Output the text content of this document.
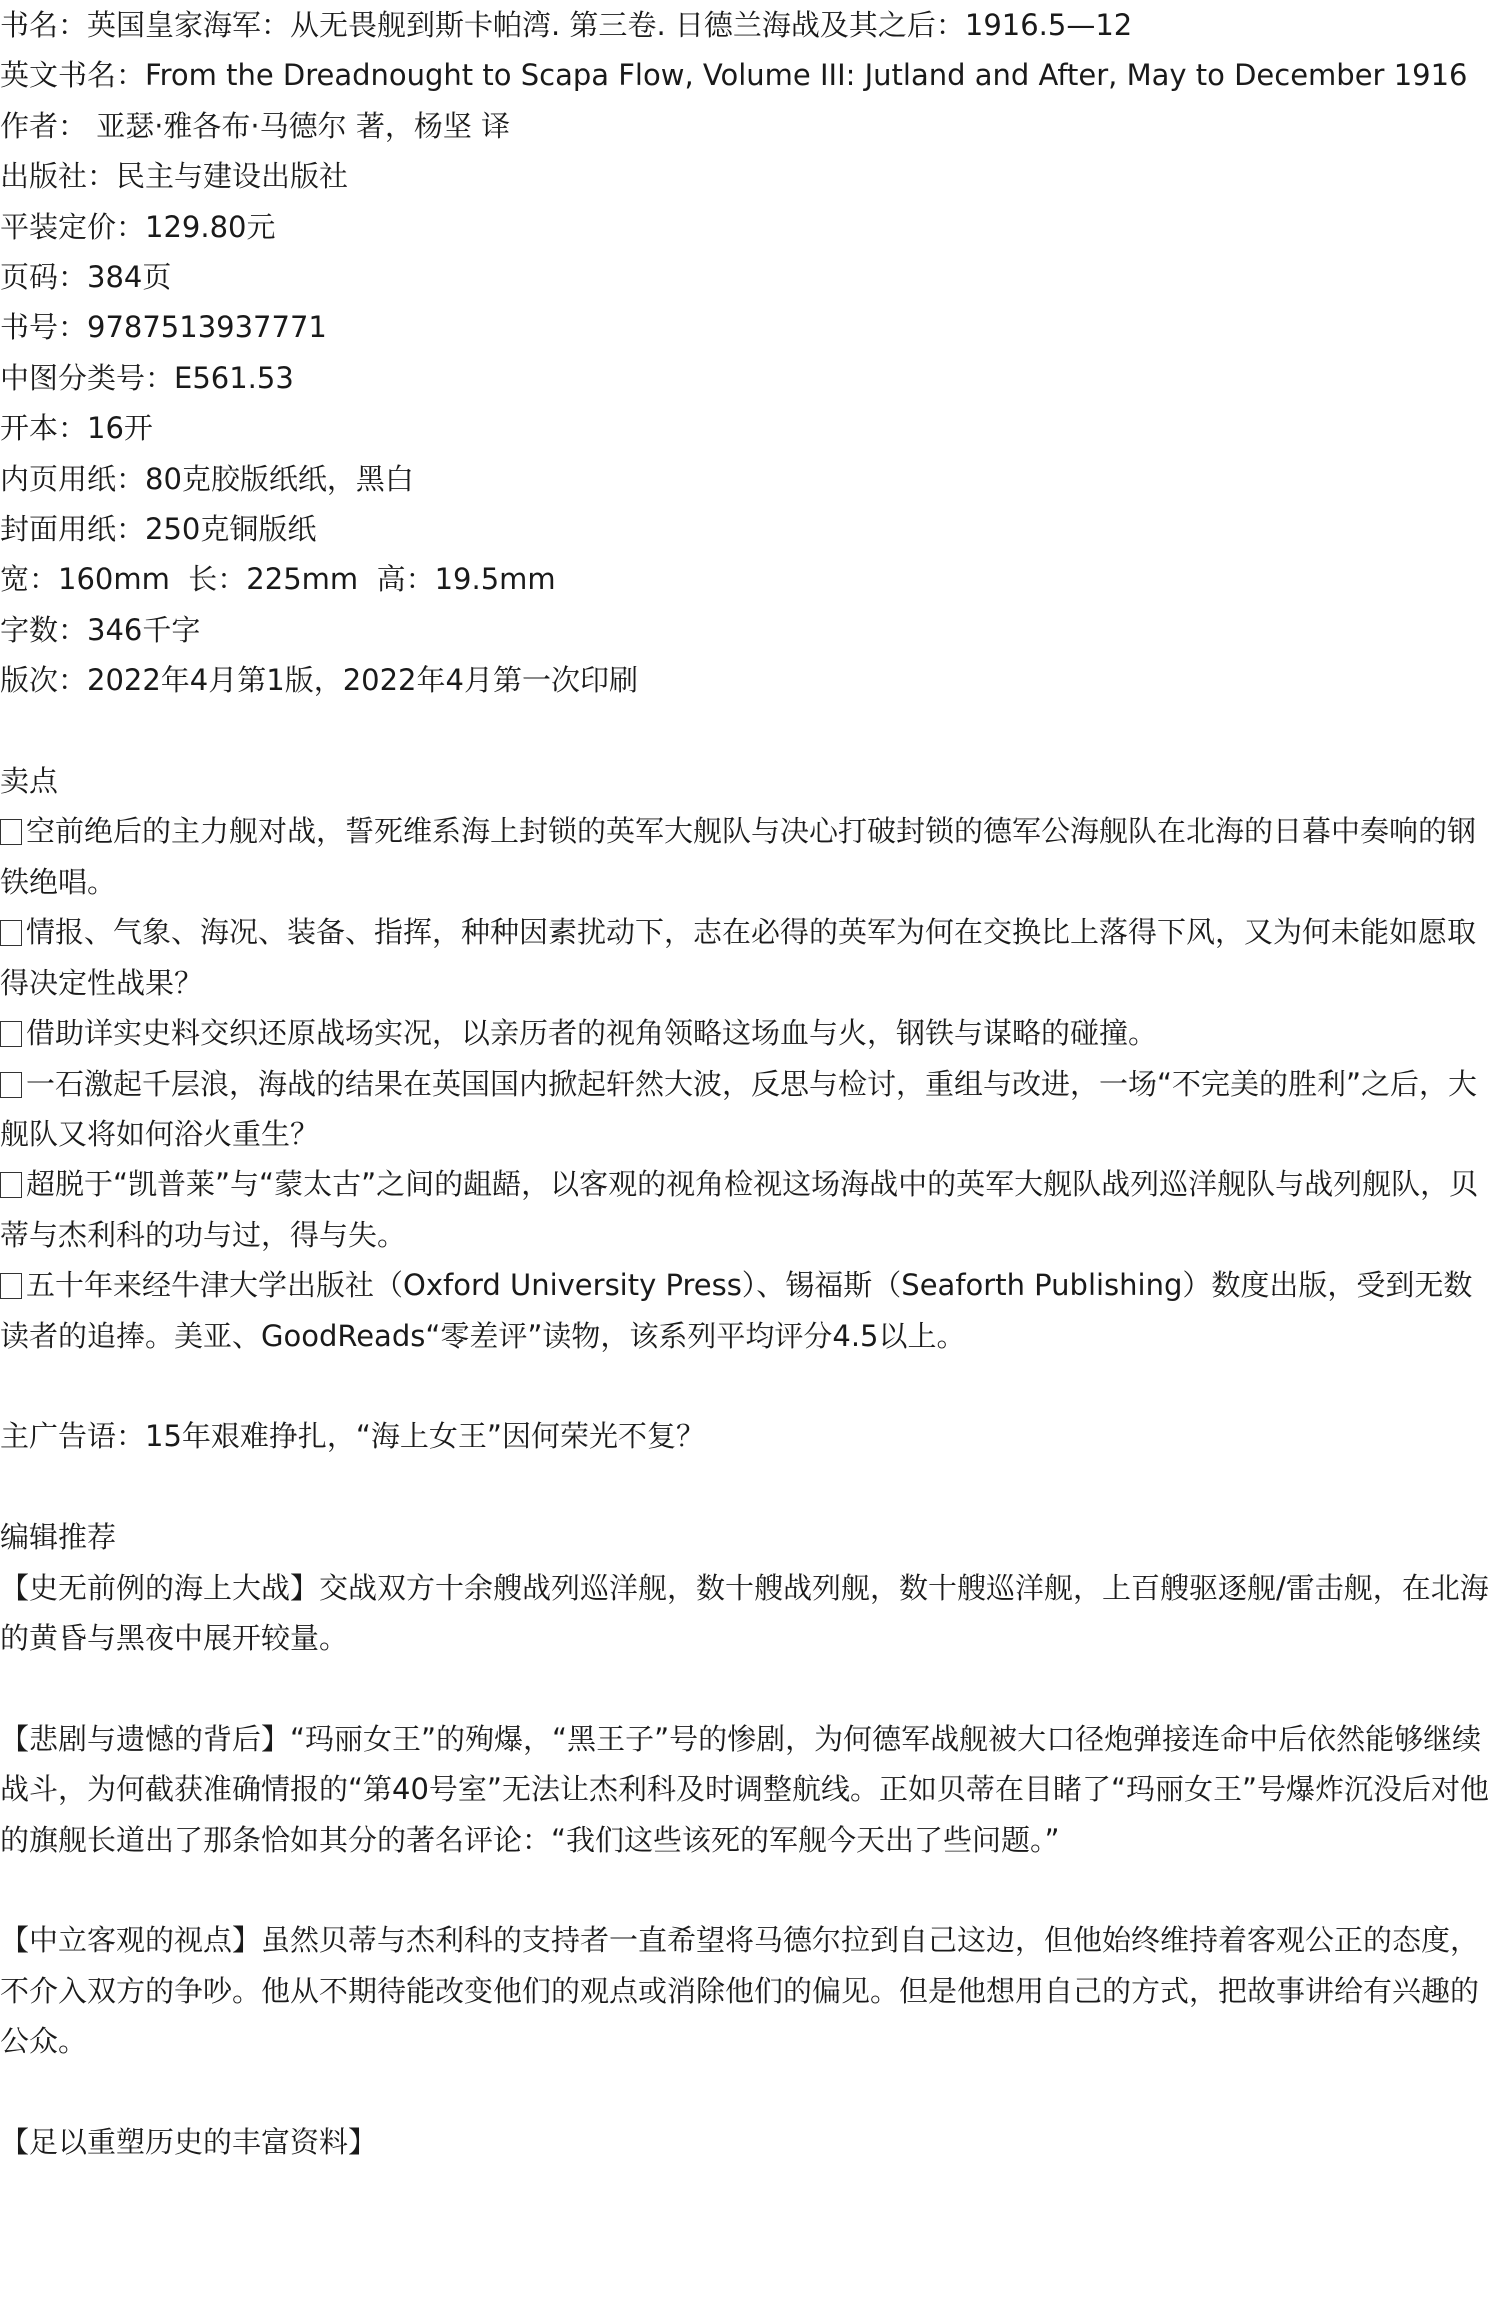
书名：英国皇家海军：从无畏舰到斯卡帕湾. 第三卷. 日德兰海战及其之后：1916.5—12

英文书名：From the Dreadnought to Scapa Flow, Volume III: Jutland and After, May to December 1916

作者： 亚瑟·雅各布·马德尔 著，杨坚 译

出版社：民主与建设出版社

平装定价：129.80元

页码：384页

书号：9787513937771

中图分类号：E561.53

开本：16开

内页用纸：80克胶版纸纸，黑白

封面用纸：250克铜版纸

宽：160mm  长：225mm  高：19.5mm

字数：346千字

版次：2022年4月第1版，2022年4月第一次印刷

卖点

空前绝后的主力舰对战，誓死维系海上封锁的英军大舰队与决心打破封锁的德军公海舰队在北海的日暮中奏响的钢铁绝唱。

情报、气象、海况、装备、指挥，种种因素扰动下，志在必得的英军为何在交换比上落得下风，又为何未能如愿取得决定性战果？

借助详实史料交织还原战场实况，以亲历者的视角领略这场血与火，钢铁与谋略的碰撞。

一石激起千层浪，海战的结果在英国国内掀起轩然大波，反思与检讨，重组与改进，一场“不完美的胜利”之后，大舰队又将如何浴火重生？

超脱于“凯普莱”与“蒙太古”之间的龃龉，以客观的视角检视这场海战中的英军大舰队战列巡洋舰队与战列舰队，贝蒂与杰利科的功与过，得与失。

五十年来经牛津大学出版社（Oxford University Press）、锡福斯（Seaforth Publishing）数度出版，受到无数读者的追捧。美亚、GoodReads“零差评”读物，该系列平均评分4.5以上。

主广告语：15年艰难挣扎，“海上女王”因何荣光不复？

编辑推荐

【史无前例的海上大战】交战双方十余艘战列巡洋舰，数十艘战列舰，数十艘巡洋舰，上百艘驱逐舰/雷击舰，在北海的黄昏与黑夜中展开较量。

【悲剧与遗憾的背后】“玛丽女王”的殉爆，“黑王子”号的惨剧，为何德军战舰被大口径炮弹接连命中后依然能够继续战斗，为何截获准确情报的“第40号室”无法让杰利科及时调整航线。正如贝蒂在目睹了“玛丽女王”号爆炸沉没后对他的旗舰长道出了那条恰如其分的著名评论：“我们这些该死的军舰今天出了些问题。”

【中立客观的视点】虽然贝蒂与杰利科的支持者一直希望将马德尔拉到自己这边，但他始终维持着客观公正的态度，不介入双方的争吵。他从不期待能改变他们的观点或消除他们的偏见。但是他想用自己的方式，把故事讲给有兴趣的公众。

【足以重塑历史的丰富资料】
